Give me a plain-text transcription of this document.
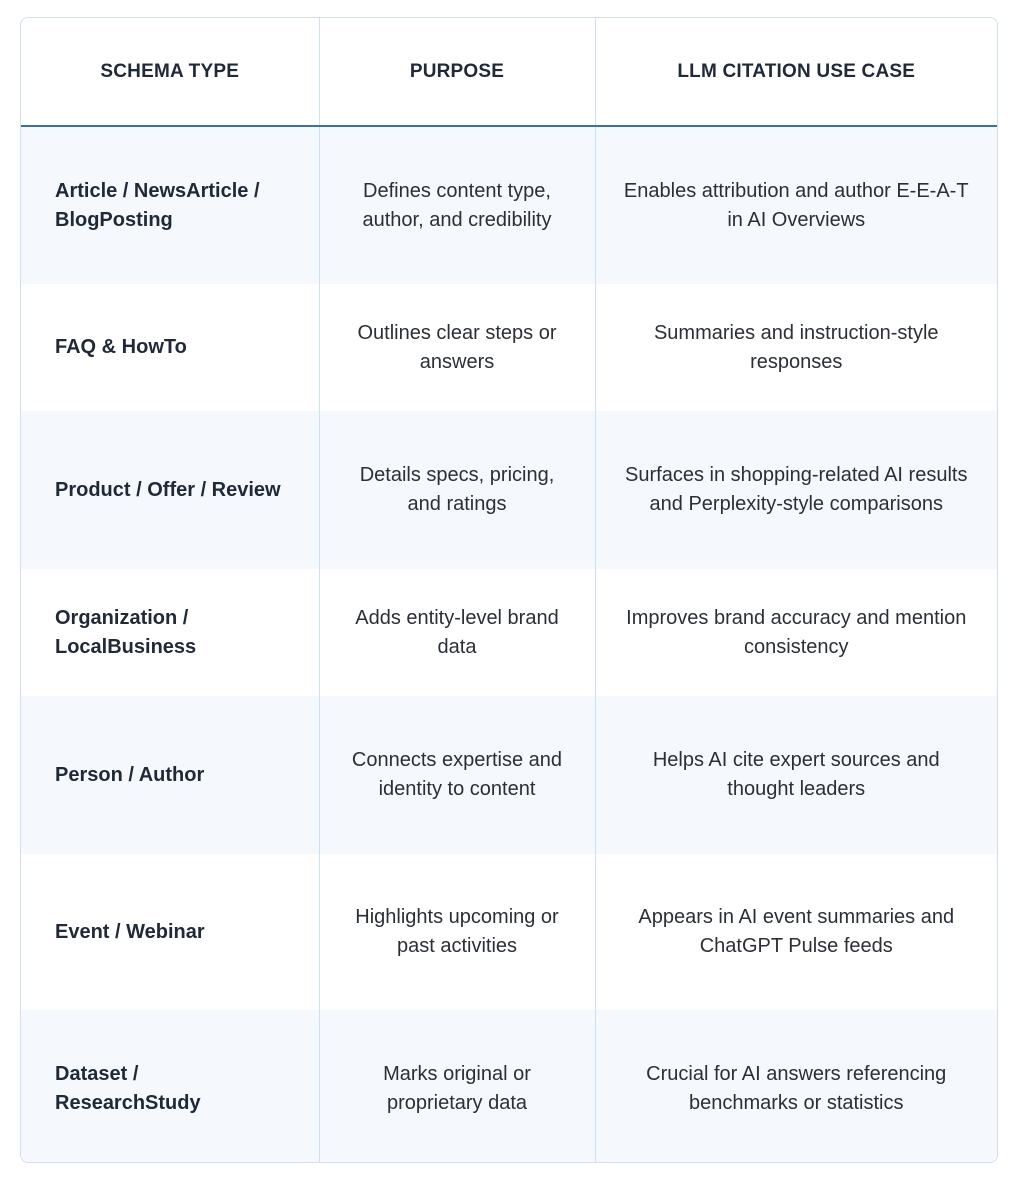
SCHEMA TYPE	PURPOSE	LLM CITATION USE CASE
Article / NewsArticle / BlogPosting	Defines content type, author, and credibility	Enables attribution and author E-E-A-T in AI Overviews
FAQ & HowTo	Outlines clear steps or answers	Summaries and instruction-style responses
Product / Offer / Review	Details specs, pricing, and ratings	Surfaces in shopping-related AI results and Perplexity-style comparisons
Organization / LocalBusiness	Adds entity-level brand data	Improves brand accuracy and mention consistency
Person / Author	Connects expertise and identity to content	Helps AI cite expert sources and thought leaders
Event / Webinar	Highlights upcoming or past activities	Appears in AI event summaries and ChatGPT Pulse feeds
Dataset / ResearchStudy	Marks original or proprietary data	Crucial for AI answers referencing benchmarks or statistics
